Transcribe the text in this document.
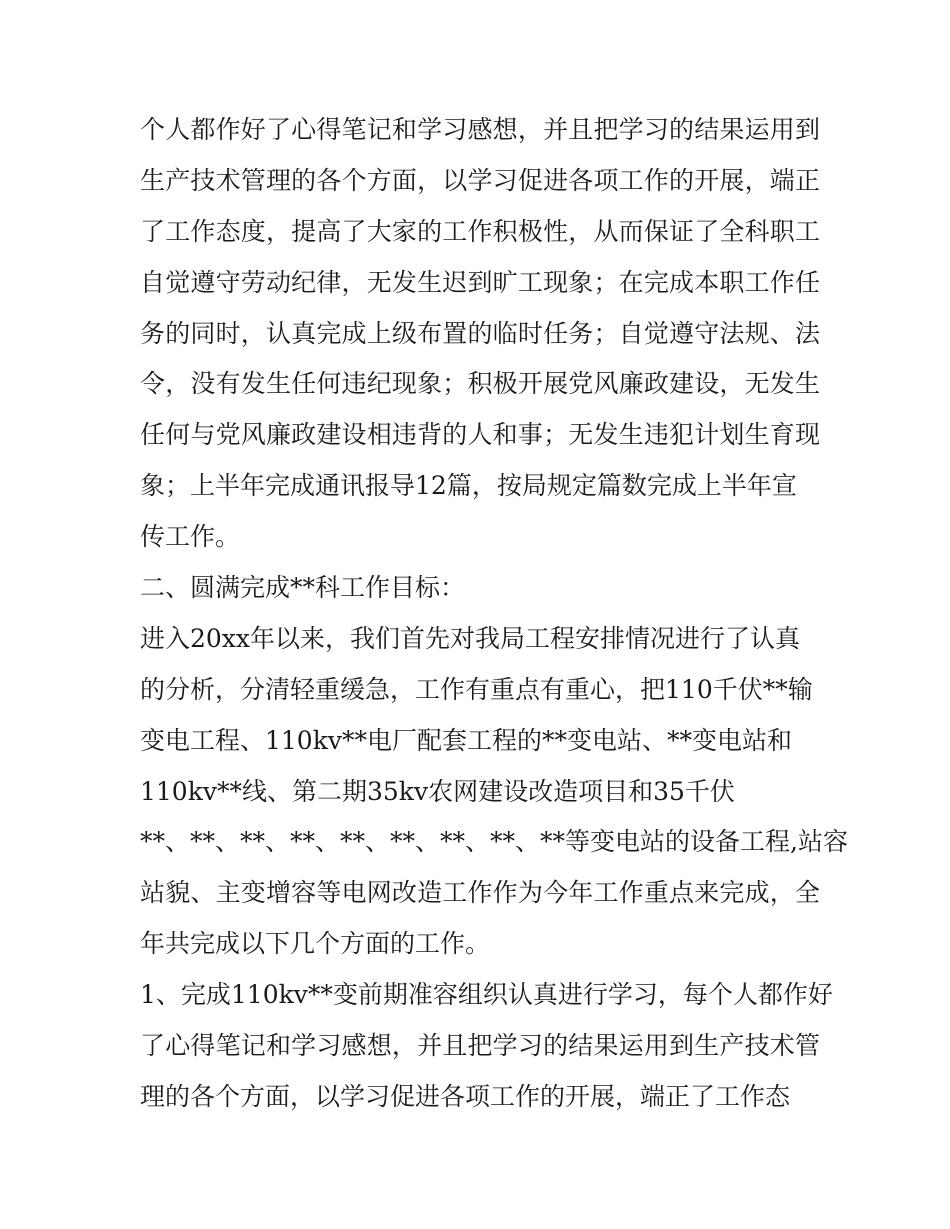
个人都作好了心得笔记和学习感想，并且把学习的结果运用到
生产技术管理的各个方面，以学习促进各项工作的开展，端正
了工作态度，提高了大家的工作积极性，从而保证了全科职工
自觉遵守劳动纪律，无发生迟到旷工现象；在完成本职工作任
务的同时，认真完成上级布置的临时任务；自觉遵守法规、法
令，没有发生任何违纪现象；积极开展党风廉政建设，无发生
任何与党风廉政建设相违背的人和事；无发生违犯计划生育现
象；上半年完成通讯报导12篇，按局规定篇数完成上半年宣
传工作。
二、圆满完成**科工作目标：
进入20xx年以来，我们首先对我局工程安排情况进行了认真
的分析，分清轻重缓急，工作有重点有重心，把110千伏**输
变电工程、110kv**电厂配套工程的**变电站、**变电站和
110kv**线、第二期35kv农网建设改造项目和35千伏
**、**、**、**、**、**、**、**、**等变电站的设备工程,站容
站貌、主变增容等电网改造工作作为今年工作重点来完成，全
年共完成以下几个方面的工作。
1、完成110kv**变前期准容组织认真进行学习，每个人都作好
了心得笔记和学习感想，并且把学习的结果运用到生产技术管
理的各个方面，以学习促进各项工作的开展，端正了工作态
